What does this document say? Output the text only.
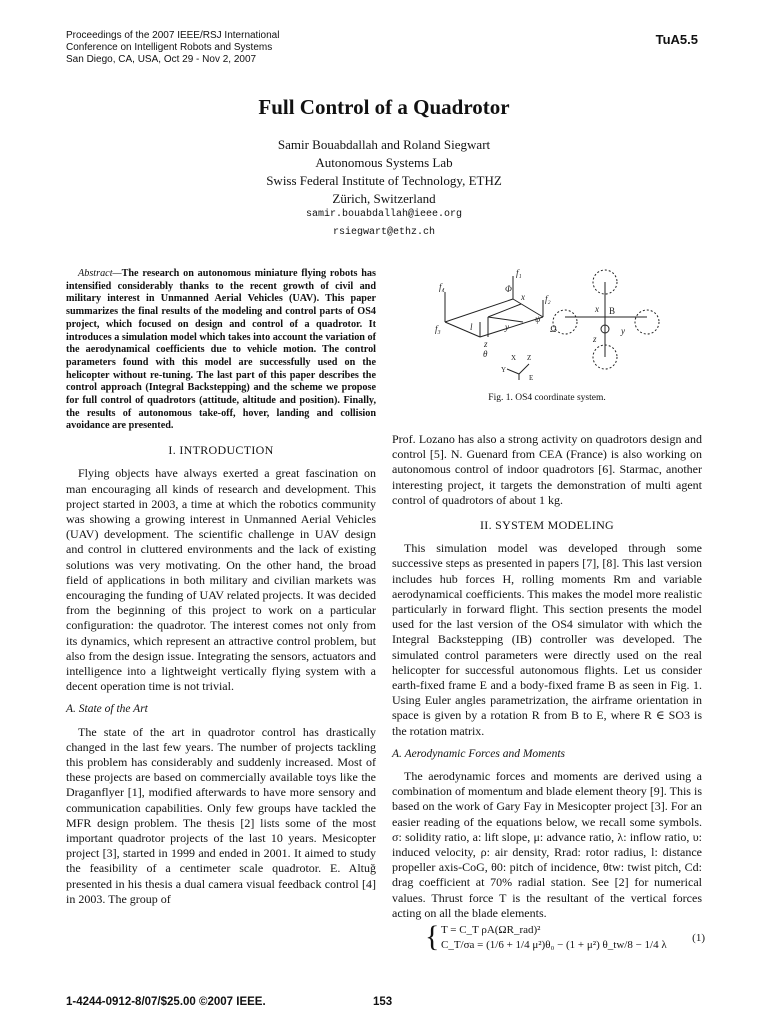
Proceedings of the 2007 IEEE/RSJ International
Conference on Intelligent Robots and Systems
San Diego, CA, USA, Oct 29 - Nov 2, 2007
TuA5.5
Full Control of a Quadrotor
Samir Bouabdallah and Roland Siegwart
Autonomous Systems Lab
Swiss Federal Institute of Technology, ETHZ
Zürich, Switzerland
samir.bouabdallah@ieee.org
rsiegwart@ethz.ch

Abstract—The research on autonomous miniature flying robots has intensified considerably thanks to the recent growth of civil and military interest in Unmanned Aerial Vehicles (UAV). This paper summarizes the final results of the modeling and control parts of OS4 project, which focused on design and control of a quadrotor. It introduces a simulation model which takes into account the variation of the aerodynamical coefficients due to vehicle motion. The control parameters found with this model are successfully used on the helicopter without re-tuning. The last part of this paper describes the control approach (Integral Backstepping) and the scheme we propose for full control of quadrotors (attitude, altitude and position). Finally, the results of autonomous take-off, hover, landing and collision avoidance are presented.

I. INTRODUCTION

Flying objects have always exerted a great fascination on man encouraging all kinds of research and development. This project started in 2003, a time at which the robotics community was showing a growing interest in Unmanned Aerial Vehicles (UAV) development. The scientific challenge in UAV design and control in cluttered environments and the lack of existing solutions was very motivating. On the other hand, the broad field of applications in both military and civilian markets was encouraging the funding of UAV related projects. It was decided from the beginning of this project to work on a particular configuration: the quadrotor. The interest comes not only from its dynamics, which represent an attractive control problem, but also from the design issue. Integrating the sensors, actuators and intelligence into a lightweight vertically flying system with a decent operation time is not trivial.

A. State of the Art

The state of the art in quadrotor control has drastically changed in the last few years. The number of projects tackling this problem has considerably and suddenly increased. Most of these projects are based on commercially available toys like the Draganflyer [1], modified afterwards to have more sensory and communication capabilities. Only few groups have tackled the MFR design problem. The thesis [2] lists some of the most important quadrotor projects of the last 10 years. Mesicopter project [3], started in 1999 and ended in 2001. It aimed to study the feasibility of a centimeter scale quadrotor. E. Altuğ presented in his thesis a dual camera visual feedback control [4] in 2003. The group of

x
z
y
f₄
f₁
f₂
f₃	l
Φ
θ
ψ
Ω
x
y
z
B
X Z
Y
E
Fig. 1. OS4 coordinate system.

Prof. Lozano has also a strong activity on quadrotors design and control [5]. N. Guenard from CEA (France) is also working on autonomous control of indoor quadrotors [6]. Starmac, another interesting project, it targets the demonstration of multi agent control of quadrotors of about 1 kg.

II. SYSTEM MODELING

This simulation model was developed through some successive steps as presented in papers [7], [8]. This last version includes hub forces H, rolling moments Rm and variable aerodynamical coefficients. This makes the model more realistic particularly in forward flight. This section presents the model used for the last version of the OS4 simulator with which the Integral Backstepping (IB) controller was developed. The simulated control parameters were directly used on the real helicopter for successful autonomous flights. Let us consider earth-fixed frame E and a body-fixed frame B as seen in Fig. 1. Using Euler angles parametrization, the airframe orientation in space is given by a rotation R from B to E, where R ∈ SO3 is the rotation matrix.

A. Aerodynamic Forces and Moments

The aerodynamic forces and moments are derived using a combination of momentum and blade element theory [9]. This is based on the work of Gary Fay in Mesicopter project [3]. For an easier reading of the equations below, we recall some symbols. σ: solidity ratio, a: lift slope, μ: advance ratio, λ: inflow ratio, υ: induced velocity, ρ: air density, Rrad: rotor radius, l: distance propeller axis-CoG, θ0: pitch of incidence, θtw: twist pitch, Cd: drag coefficient at 70% radial station. See [2] for numerical values. Thrust force T is the resultant of the vertical forces acting on all the blade elements.

{ T = C_T ρA(ΩR_rad)²
C_T/σa = (1/6 + 1/4 μ²)θ₀ − (1 + μ²) θ_tw/8 − 1/4 λ
(1)
1-4244-0912-8/07/$25.00 ©2007 IEEE.	153
